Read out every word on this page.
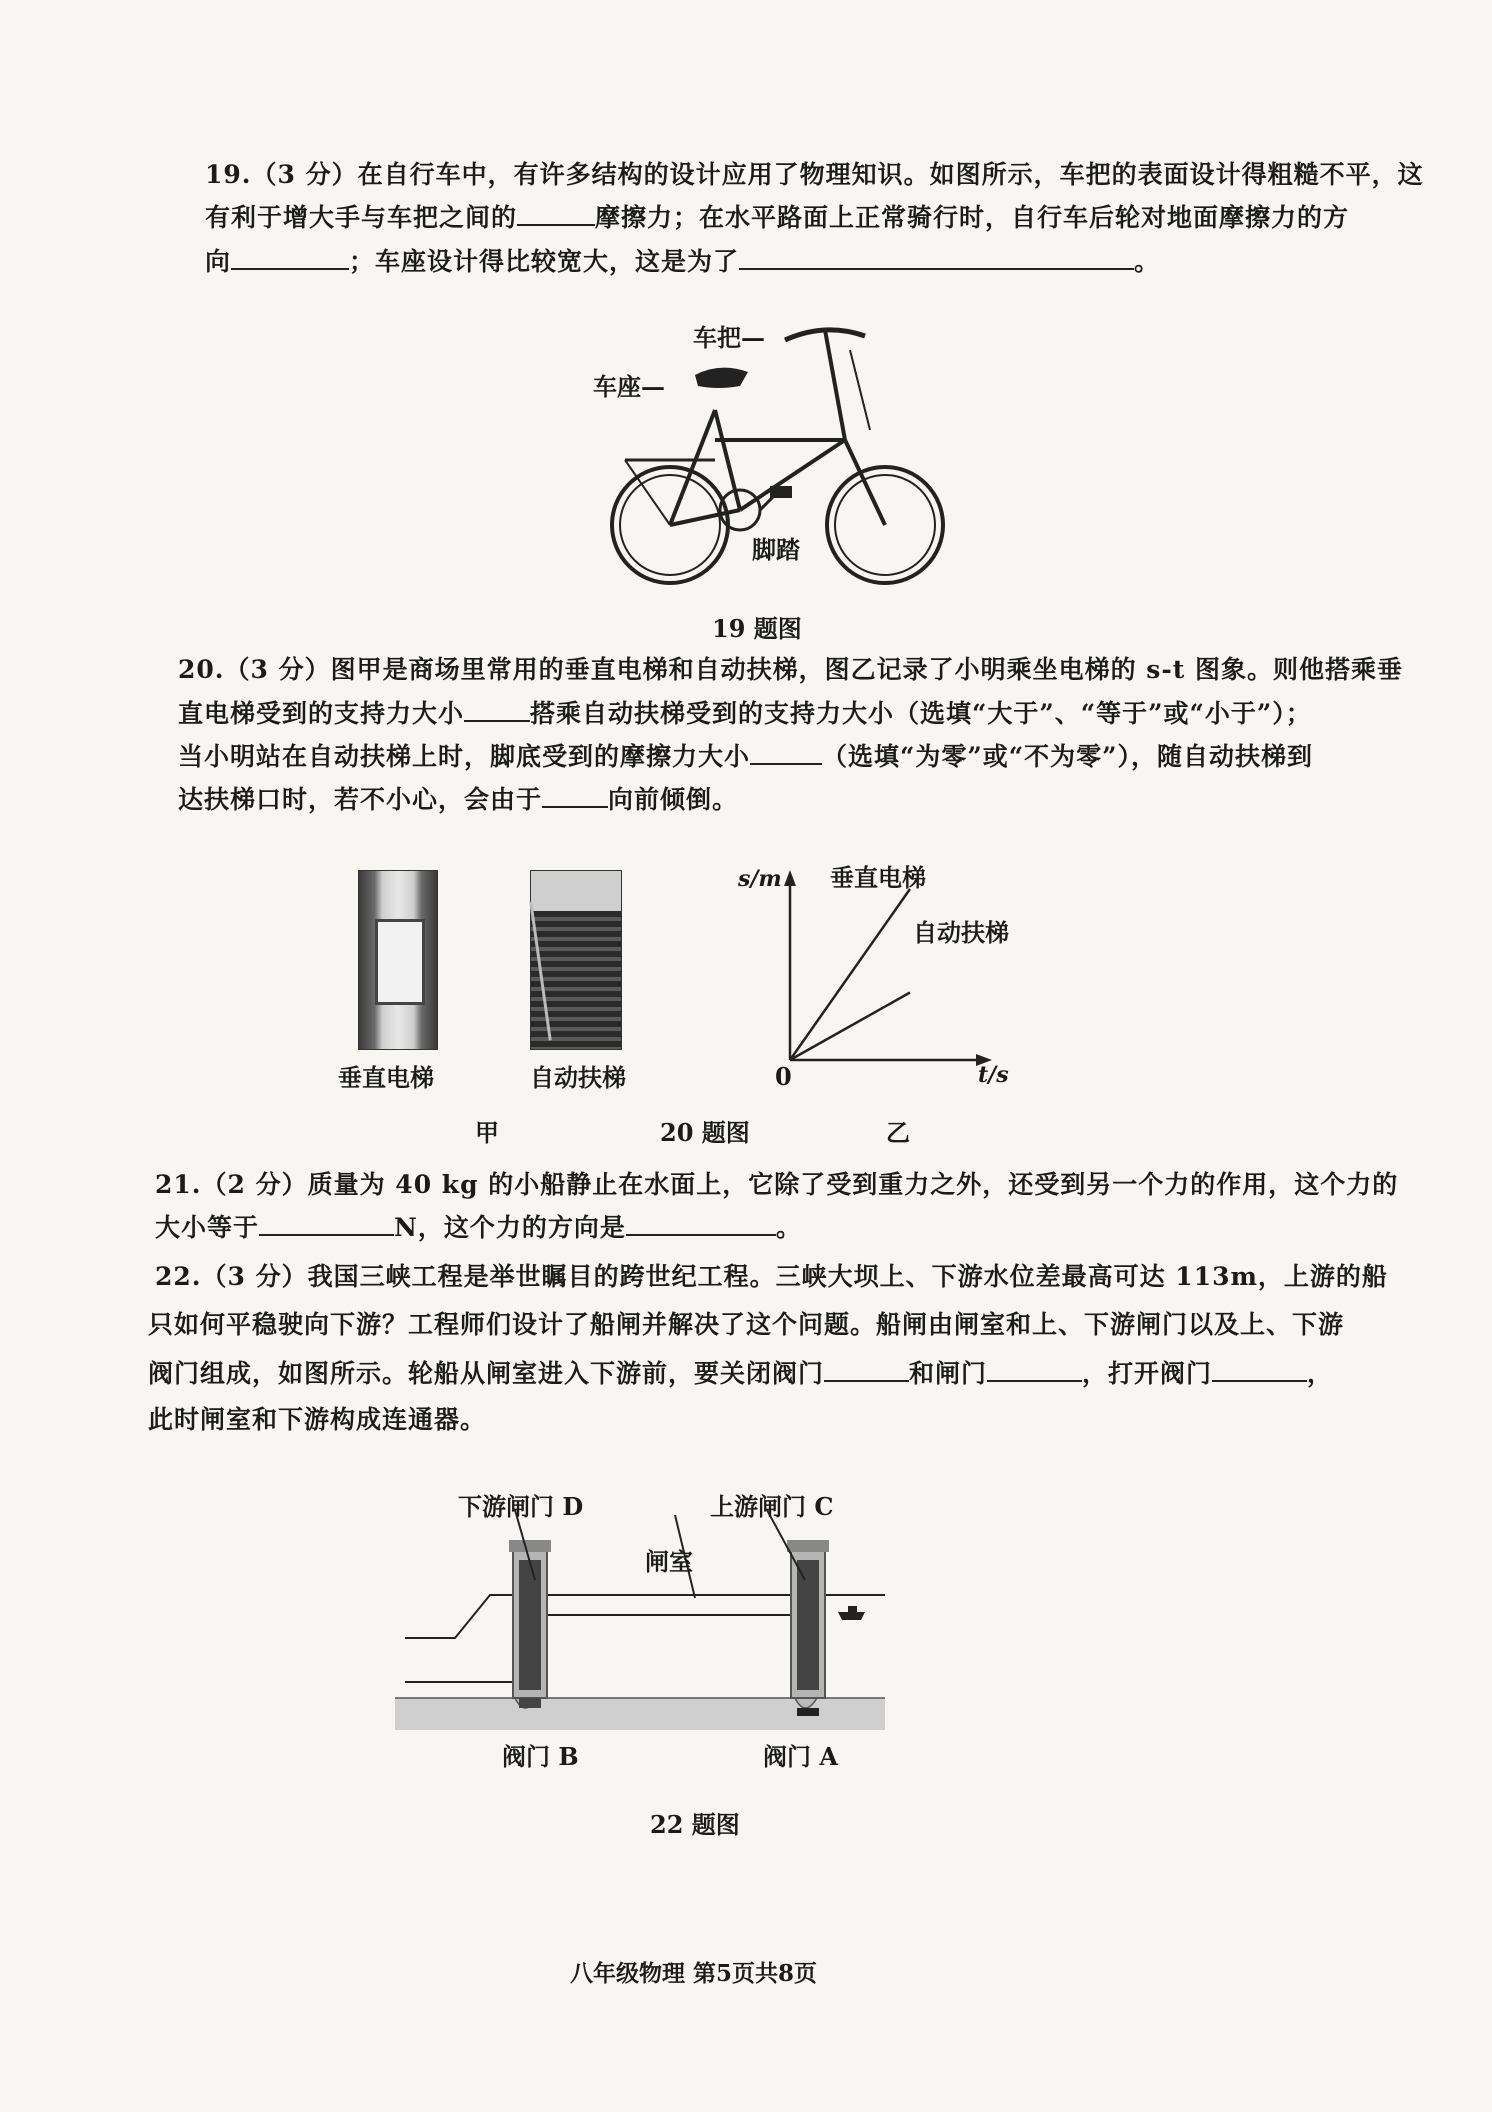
19.（3 分）在自行车中，有许多结构的设计应用了物理知识。如图所示，车把的表面设计得粗糙不平，这
有利于增大手与车把之间的	摩擦力；在水平路面上正常骑行时，自行车后轮对地面摩擦力的方
向	；车座设计得比较宽大，这是为了	。
车把—
车座—
脚踏
19 题图
20.（3 分）图甲是商场里常用的垂直电梯和自动扶梯，图乙记录了小明乘坐电梯的 s-t 图象。则他搭乘垂
直电梯受到的支持力大小	搭乘自动扶梯受到的支持力大小（选填“大于”、“等于”或“小于”）；
当小明站在自动扶梯上时，脚底受到的摩擦力大小	（选填“为零”或“不为零”），随自动扶梯到
达扶梯口时，若不小心，会由于	向前倾倒。
垂直电梯	自动扶梯
s/m
t/s
0
垂直电梯
自动扶梯
甲	20 题图	乙
21.（2 分）质量为 40 kg 的小船静止在水面上，它除了受到重力之外，还受到另一个力的作用，这个力的
大小等于	N，这个力的方向是	。
22.（3 分）我国三峡工程是举世瞩目的跨世纪工程。三峡大坝上、下游水位差最高可达 113m，上游的船
只如何平稳驶向下游？工程师们设计了船闸并解决了这个问题。船闸由闸室和上、下游闸门以及上、下游
阀门组成，如图所示。轮船从闸室进入下游前，要关闭阀门	和闸门	，打开阀门	，
此时闸室和下游构成连通器。
下游闸门 D	上游闸门 C
闸室
阀门 B	阀门 A
22 题图
八年级物理 第5页共8页
